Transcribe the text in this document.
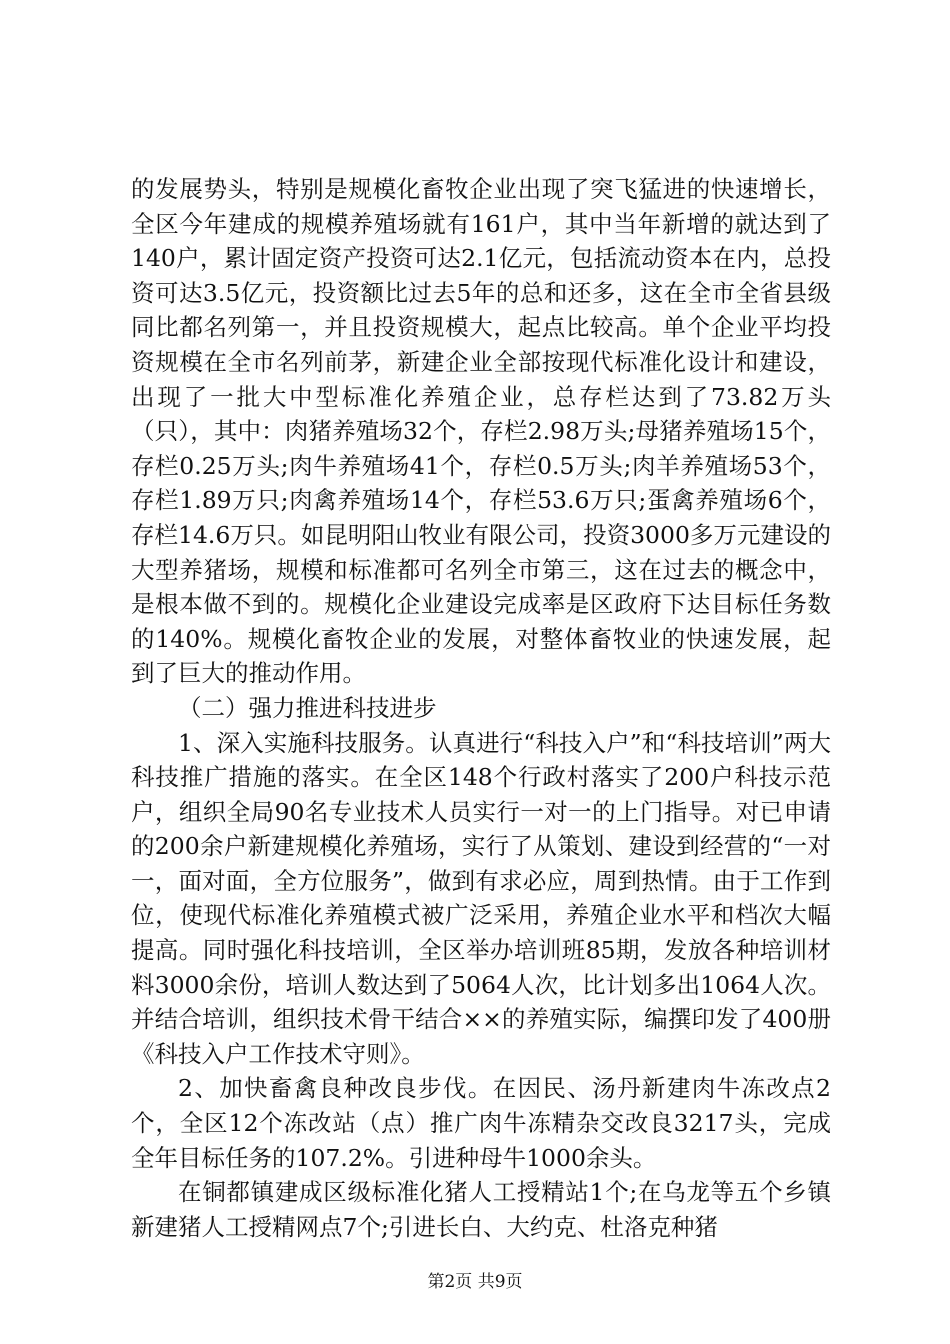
的发展势头，特别是规模化畜牧企业出现了突飞猛进的快速增长，全区今年建成的规模养殖场就有161户，其中当年新增的就达到了140户，累计固定资产投资可达2.1亿元，包括流动资本在内，总投资可达3.5亿元，投资额比过去5年的总和还多，这在全市全省县级同比都名列第一，并且投资规模大，起点比较高。单个企业平均投资规模在全市名列前茅，新建企业全部按现代标准化设计和建设，出现了一批大中型标准化养殖企业，总存栏达到了73.82万头（只），其中：肉猪养殖场32个，存栏2.98万头;母猪养殖场15个，存栏0.25万头;肉牛养殖场41个，存栏0.5万头;肉羊养殖场53个，存栏1.89万只;肉禽养殖场14个，存栏53.6万只;蛋禽养殖场6个，存栏14.6万只。如昆明阳山牧业有限公司，投资3000多万元建设的大型养猪场，规模和标准都可名列全市第三，这在过去的概念中，是根本做不到的。规模化企业建设完成率是区政府下达目标任务数的140%。规模化畜牧企业的发展，对整体畜牧业的快速发展，起到了巨大的推动作用。

（二）强力推进科技进步

1、深入实施科技服务。认真进行“科技入户”和“科技培训”两大科技推广措施的落实。在全区148个行政村落实了200户科技示范户，组织全局90名专业技术人员实行一对一的上门指导。对已申请的200余户新建规模化养殖场，实行了从策划、建设到经营的“一对一，面对面，全方位服务”，做到有求必应，周到热情。由于工作到位，使现代标准化养殖模式被广泛采用，养殖企业水平和档次大幅提高。同时强化科技培训，全区举办培训班85期，发放各种培训材料3000余份，培训人数达到了5064人次，比计划多出1064人次。并结合培训，组织技术骨干结合××的养殖实际，编撰印发了400册《科技入户工作技术守则》。

2、加快畜禽良种改良步伐。在因民、汤丹新建肉牛冻改点2个，全区12个冻改站（点）推广肉牛冻精杂交改良3217头，完成全年目标任务的107.2%。引进种母牛1000余头。

在铜都镇建成区级标准化猪人工授精站1个;在乌龙等五个乡镇新建猪人工授精网点7个;引进长白、大约克、杜洛克种猪

第2页 共9页
